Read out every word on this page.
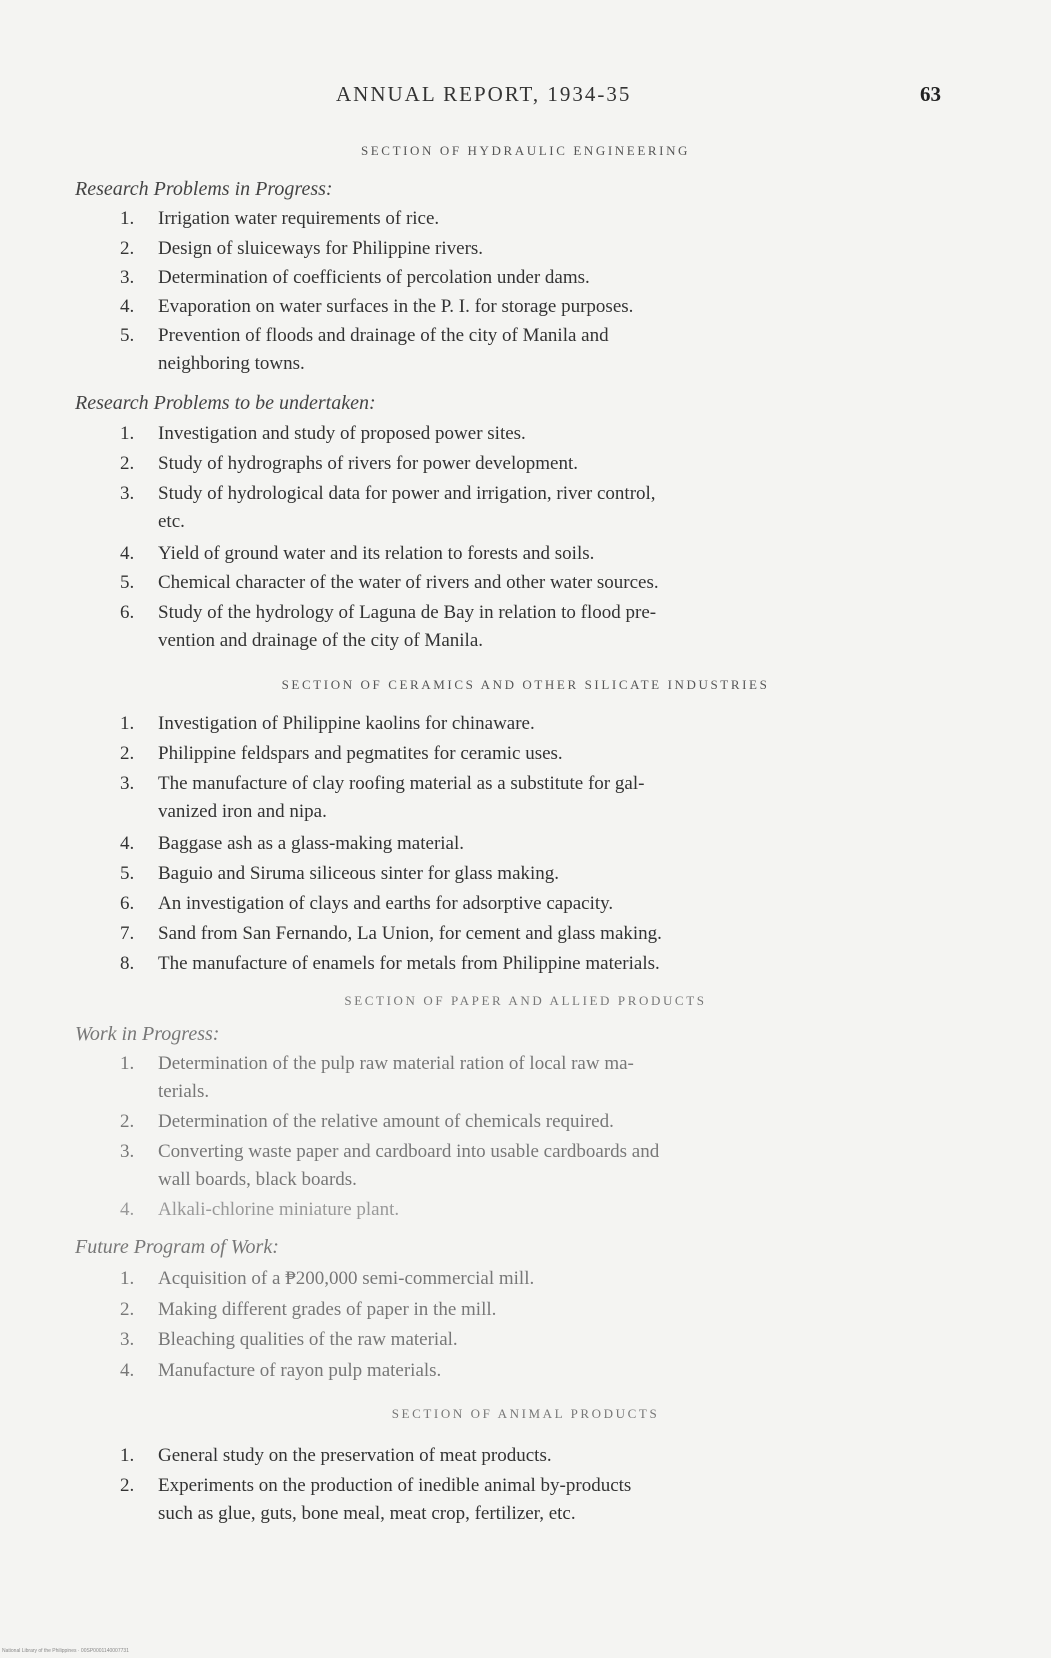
ANNUAL REPORT, 1934-35	63
SECTION OF HYDRAULIC ENGINEERING
Research Problems in Progress:
1. Irrigation water requirements of rice.
2. Design of sluiceways for Philippine rivers.
3. Determination of coefficients of percolation under dams.
4. Evaporation on water surfaces in the P. I. for storage purposes.
5. Prevention of floods and drainage of the city of Manila and
neighboring towns.
Research Problems to be undertaken:
1. Investigation and study of proposed power sites.
2. Study of hydrographs of rivers for power development.
3. Study of hydrological data for power and irrigation, river control,
etc.
4. Yield of ground water and its relation to forests and soils.
5. Chemical character of the water of rivers and other water sources.
6. Study of the hydrology of Laguna de Bay in relation to flood pre-
vention and drainage of the city of Manila.
SECTION OF CERAMICS AND OTHER SILICATE INDUSTRIES
1. Investigation of Philippine kaolins for chinaware.
2. Philippine feldspars and pegmatites for ceramic uses.
3. The manufacture of clay roofing material as a substitute for gal-
vanized iron and nipa.
4. Baggase ash as a glass-making material.
5. Baguio and Siruma siliceous sinter for glass making.
6. An investigation of clays and earths for adsorptive capacity.
7. Sand from San Fernando, La Union, for cement and glass making.
8. The manufacture of enamels for metals from Philippine materials.
SECTION OF PAPER AND ALLIED PRODUCTS
Work in Progress:
1. Determination of the pulp raw material ration of local raw ma-
terials.
2. Determination of the relative amount of chemicals required.
3. Converting waste paper and cardboard into usable cardboards and
wall boards, black boards.
4. Alkali-chlorine miniature plant.
Future Program of Work:
1. Acquisition of a ₱200,000 semi-commercial mill.
2. Making different grades of paper in the mill.
3. Bleaching qualities of the raw material.
4. Manufacture of rayon pulp materials.
SECTION OF ANIMAL PRODUCTS
1. General study on the preservation of meat products.
2. Experiments on the production of inedible animal by-products
such as glue, guts, bone meal, meat crop, fertilizer, etc.
National Library of the Philippines · 00SP0001140007731
